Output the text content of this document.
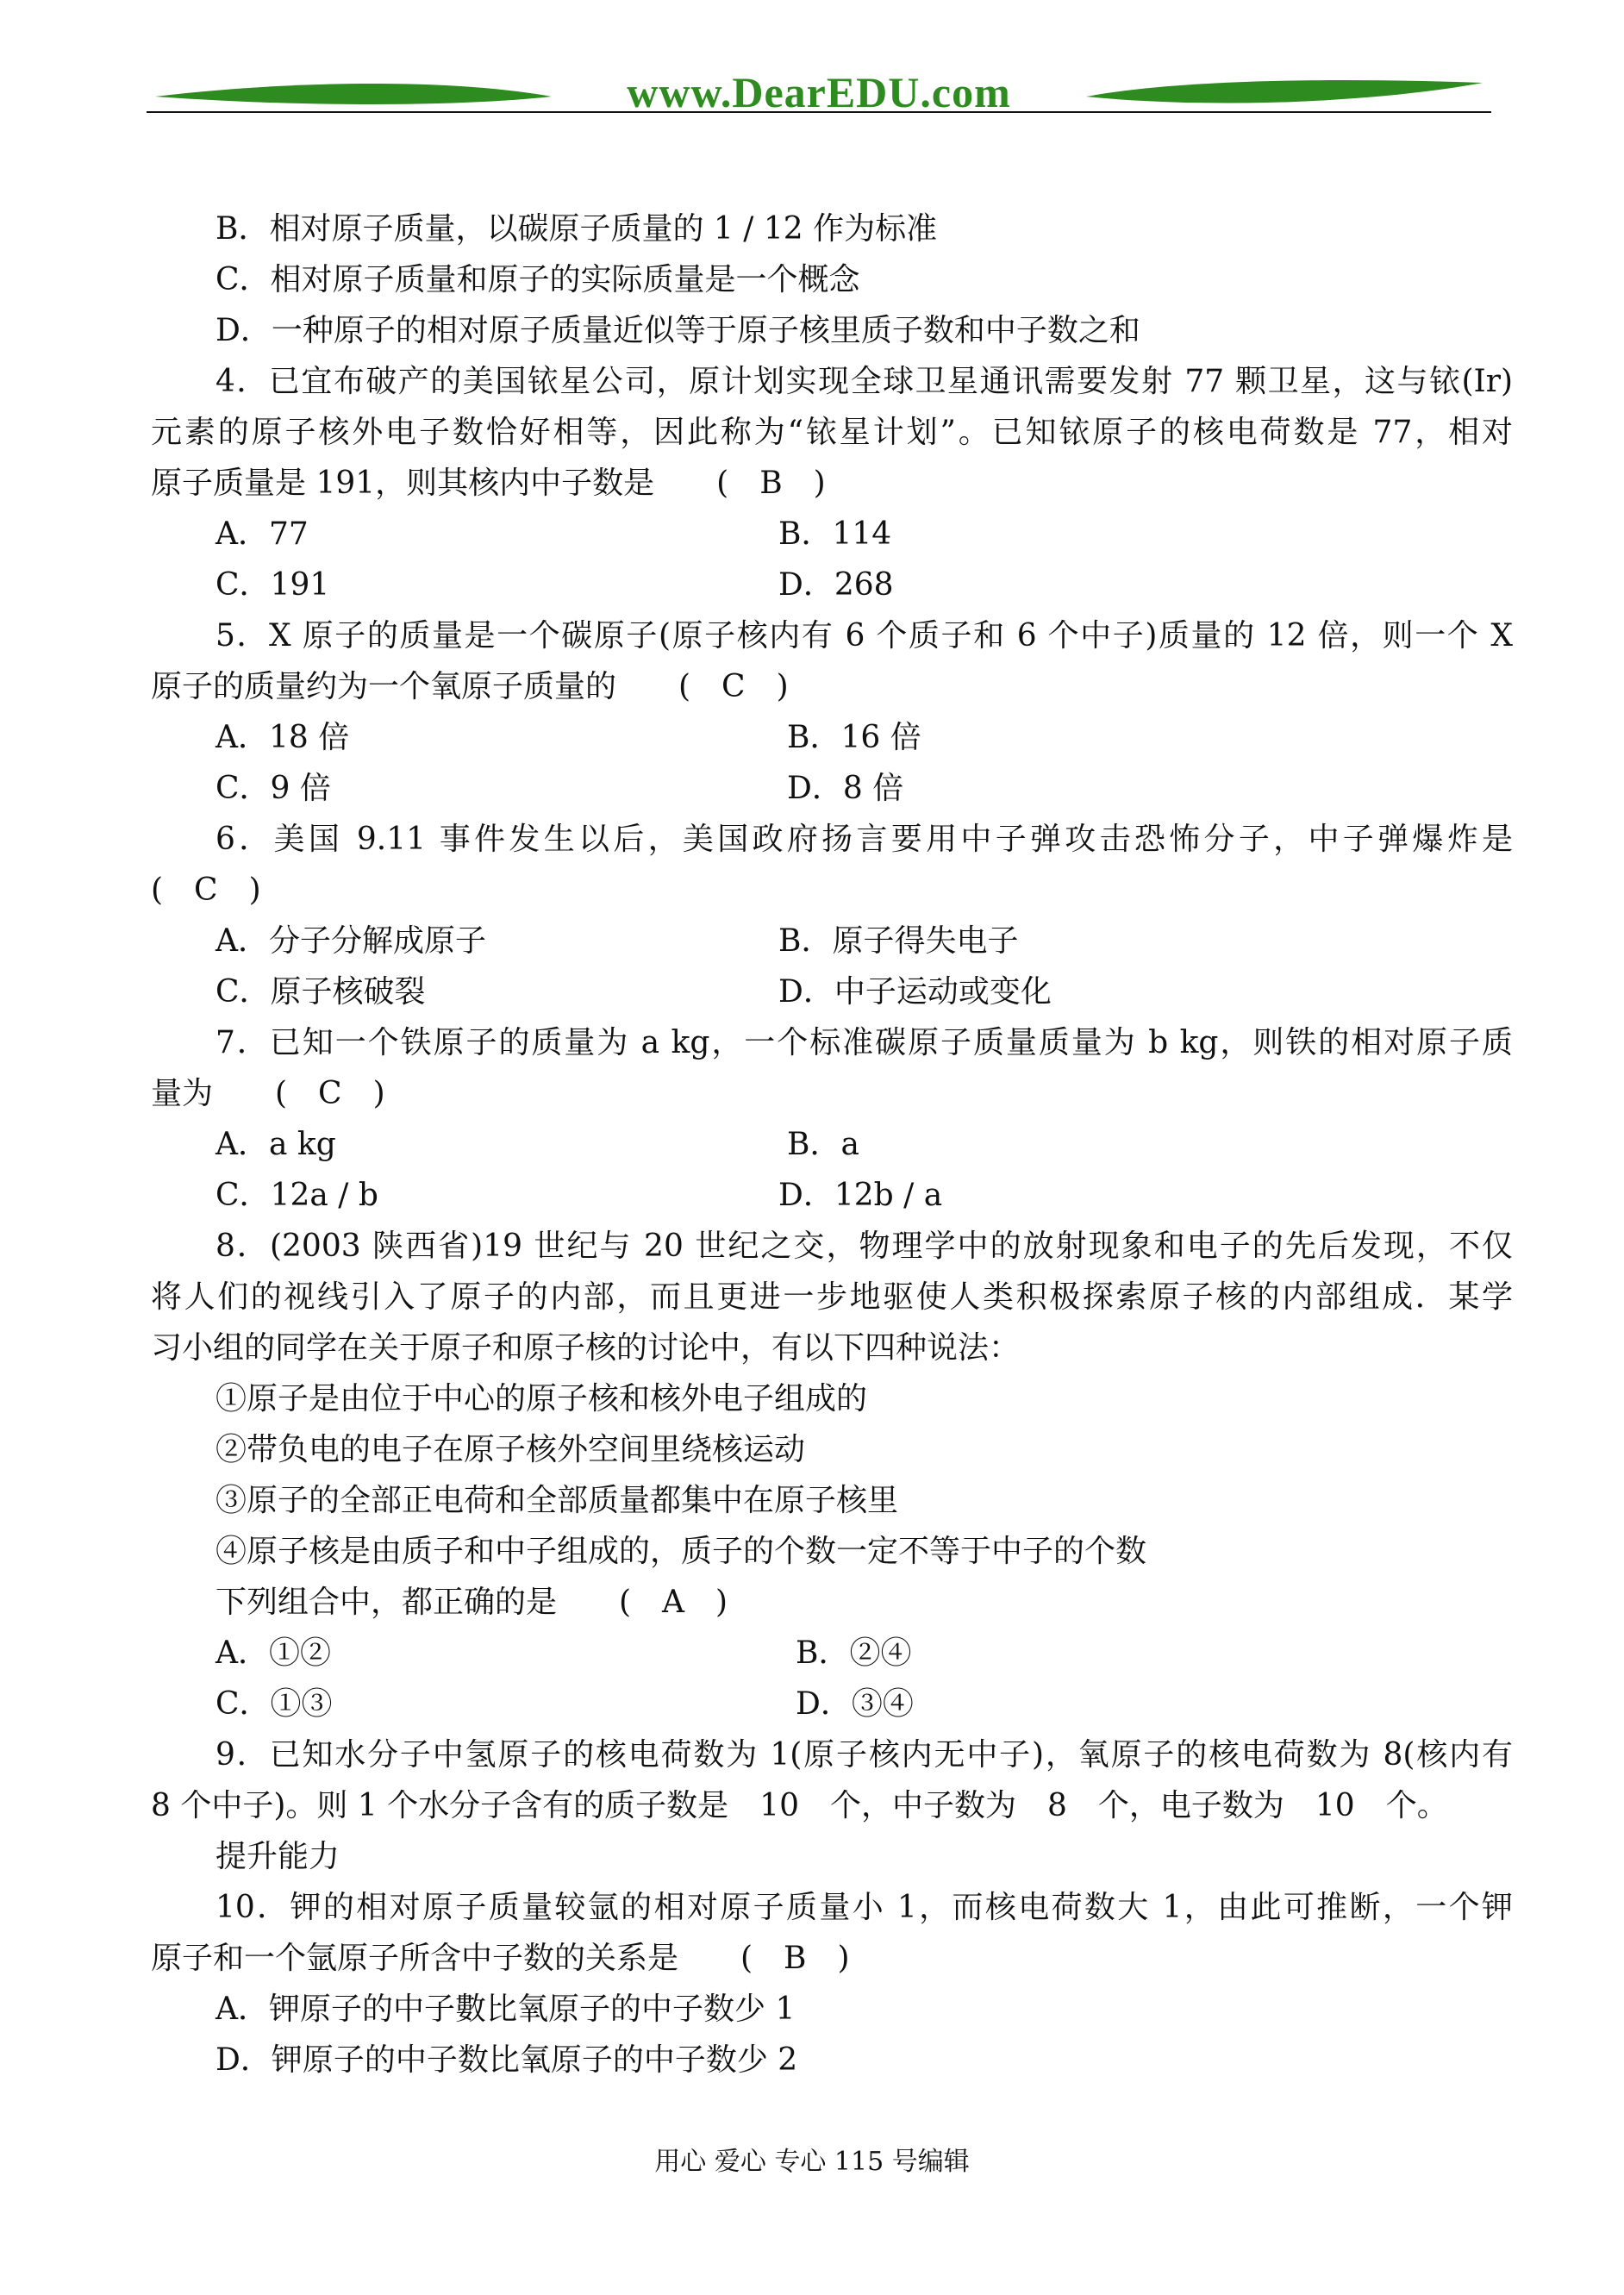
www.DearEDU.com
B．相对原子质量，以碳原子质量的 1 / 12 作为标准
C．相对原子质量和原子的实际质量是一个概念
D．一种原子的相对原子质量近似等于原子核里质子数和中子数之和
4．已宜布破产的美国铱星公司，原计划实现全球卫星通讯需要发射 77 颗卫星，这与铱(Ir)
元素的原子核外电子数恰好相等，因此称为“铱星计划”。已知铱原子的核电荷数是 77，相对
原子质量是 191，则其核内中子数是　　(　B　)
A．77	B．114
C．191	D．268
5．X 原子的质量是一个碳原子(原子核内有 6 个质子和 6 个中子)质量的 12 倍，则一个 X
原子的质量约为一个氧原子质量的　　(　C　)
A．18 倍	B．16 倍
C．9 倍	D．8 倍
6．美国 9.11 事件发生以后，美国政府扬言要用中子弹攻击恐怖分子，中子弹爆炸是
(　C　)
A．分子分解成原子	B．原子得失电子
C．原子核破裂	D．中子运动或变化
7．已知一个铁原子的质量为 a kg，一个标准碳原子质量质量为 b kg，则铁的相对原子质
量为　　(　C　)
A．a kg	B．a
C．12a / b	D．12b / a
8．(2003 陕西省)19 世纪与 20 世纪之交，物理学中的放射现象和电子的先后发现，不仅
将人们的视线引入了原子的内部，而且更进一步地驱使人类积极探索原子核的内部组成．某学
习小组的同学在关于原子和原子核的讨论中，有以下四种说法：
①原子是由位于中心的原子核和核外电子组成的
②带负电的电子在原子核外空间里绕核运动
③原子的全部正电荷和全部质量都集中在原子核里
④原子核是由质子和中子组成的，质子的个数一定不等于中子的个数
下列组合中，都正确的是　　(　A　)
A．①②	B．②④
C．①③	D．③④
9．已知水分子中氢原子的核电荷数为 1(原子核内无中子)，氧原子的核电荷数为 8(核内有
8 个中子)。则 1 个水分子含有的质子数是　10　个，中子数为　8　个，电子数为　10　个。
提升能力
10．钾的相对原子质量较氩的相对原子质量小 1，而核电荷数大 1，由此可推断，一个钾
原子和一个氩原子所含中子数的关系是　　(　B　)
A．钾原子的中子數比氧原子的中子数少 1
D．钾原子的中子数比氧原子的中子数少 2
用心 爱心 专心 115 号编辑
